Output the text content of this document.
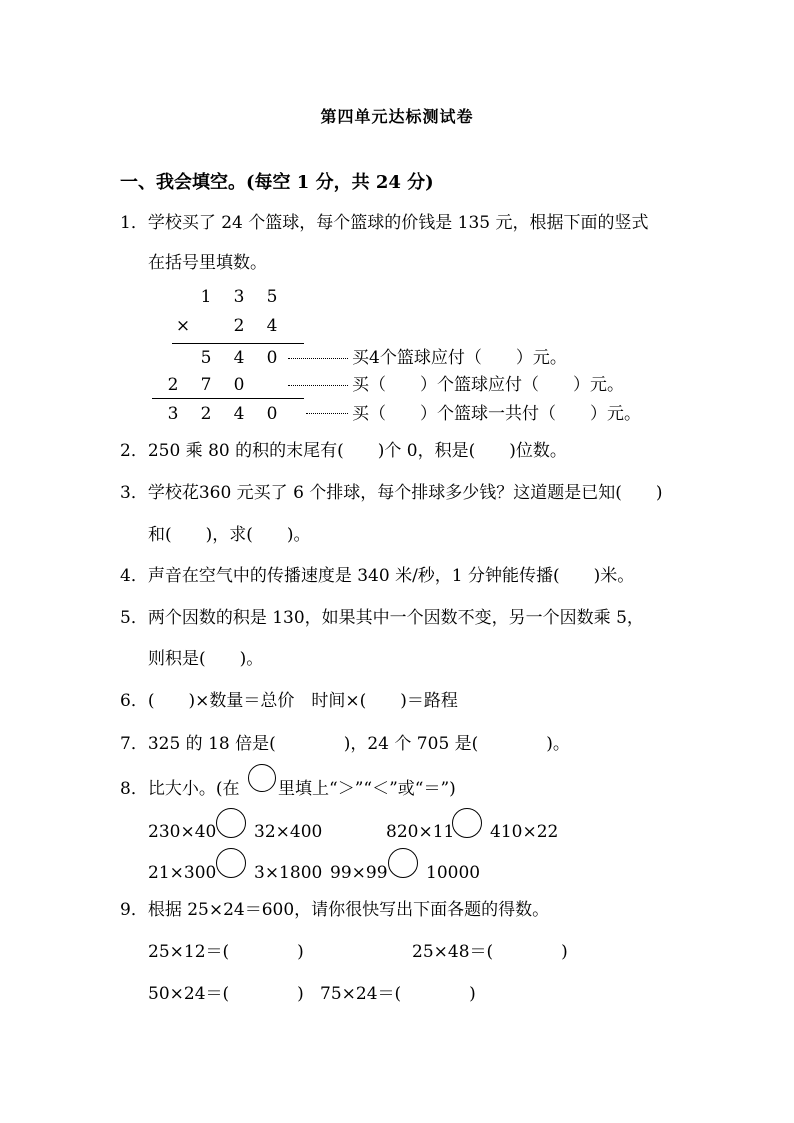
第四单元达标测试卷
一、我会填空。(每空 1 分，共 24 分)
1．学校买了 24 个篮球，每个篮球的价钱是 135 元，根据下面的竖式
在括号里填数。
1 3 5
×	2 4
5 4 0
2 7 0
3 2 4 0
买4个篮球应付（　　）元。
买（　　）个篮球应付（　　）元。
买（　　）个篮球一共付（　　）元。
2．250 乘 80 的积的末尾有(　　)个 0，积是(　　)位数。
3．学校花360 元买了 6 个排球，每个排球多少钱？这道题是已知(　　)
和(　　)，求(　　)。
4．声音在空气中的传播速度是 340 米/秒，1 分钟能传播(　　)米。
5．两个因数的积是 130，如果其中一个因数不变，另一个因数乘 5，
则积是(　　)。
6．(　　)×数量＝总价　时间×(　　)＝路程
7．325 的 18 倍是(　　　　)，24 个 705 是(　　　　)。
8．比大小。(在 里填上“＞”“＜”或“＝”)
230×40 32×400	820×11 410×22
21×300 3×1800 99×99 10000
9．根据 25×24＝600，请你很快写出下面各题的得数。
25×12＝(　　　　)	25×48＝(　　　　)
50×24＝(　　　　) 75×24＝(　　　　)
